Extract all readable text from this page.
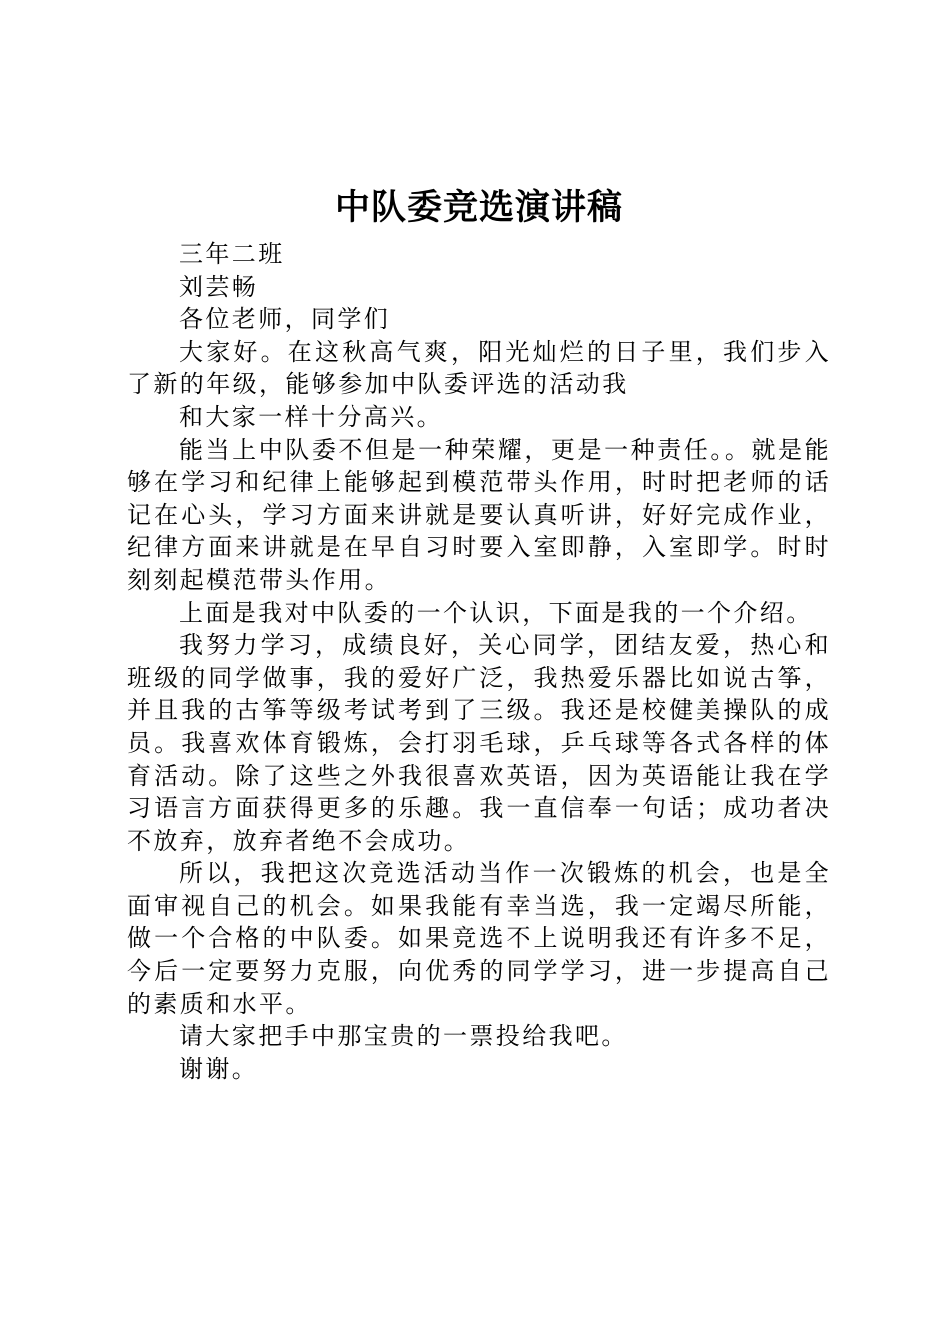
中队委竞选演讲稿

三年二班

刘芸畅

各位老师，同学们

大家好。在这秋高气爽，阳光灿烂的日子里，我们步入了新的年级，能够参加中队委评选的活动我

和大家一样十分高兴。

能当上中队委不但是一种荣耀，更是一种责任。。就是能够在学习和纪律上能够起到模范带头作用，时时把老师的话记在心头，学习方面来讲就是要认真听讲，好好完成作业，纪律方面来讲就是在早自习时要入室即静，入室即学。时时刻刻起模范带头作用。

上面是我对中队委的一个认识，下面是我的一个介绍。

我努力学习，成绩良好，关心同学，团结友爱，热心和班级的同学做事，我的爱好广泛，我热爱乐器比如说古筝，并且我的古筝等级考试考到了三级。我还是校健美操队的成员。我喜欢体育锻炼，会打羽毛球，乒乓球等各式各样的体育活动。除了这些之外我很喜欢英语，因为英语能让我在学习语言方面获得更多的乐趣。我一直信奉一句话；成功者决不放弃，放弃者绝不会成功。

所以，我把这次竞选活动当作一次锻炼的机会，也是全面审视自己的机会。如果我能有幸当选，我一定竭尽所能，做一个合格的中队委。如果竞选不上说明我还有许多不足，今后一定要努力克服，向优秀的同学学习，进一步提高自己的素质和水平。

请大家把手中那宝贵的一票投给我吧。

谢谢。
